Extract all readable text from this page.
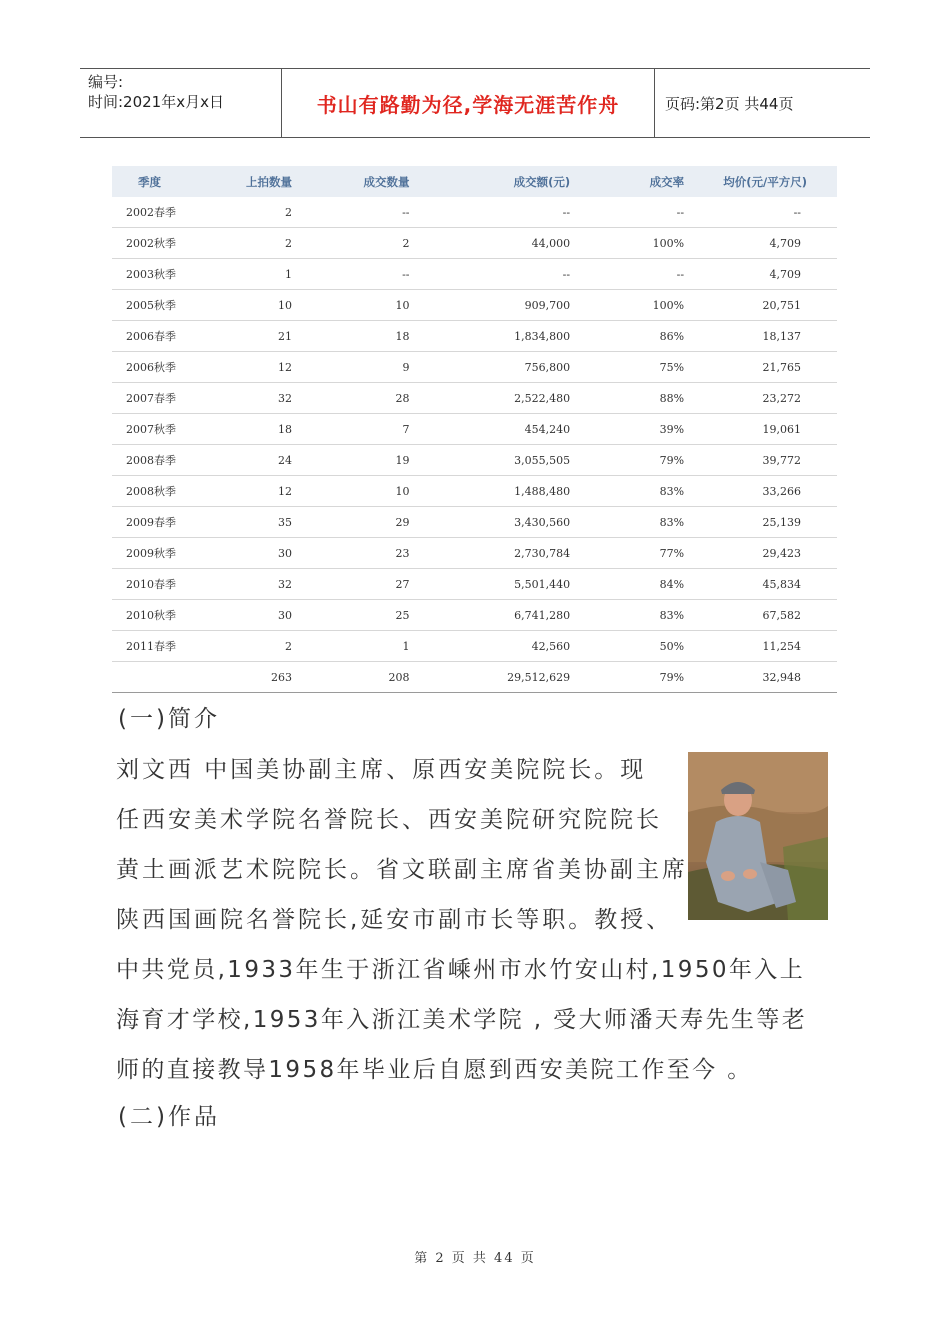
编号:
时间:2021年x月x日	书山有路勤为径,学海无涯苦作舟	页码:第2页 共44页
季度	上拍数量	成交数量	成交额(元)	成交率	均价(元/平方尺)
2002春季	2	--	--	--	--
2002秋季	2	2	44,000	100%	4,709
2003秋季	1	--	--	--	4,709
2005秋季	10	10	909,700	100%	20,751
2006春季	21	18	1,834,800	86%	18,137
2006秋季	12	9	756,800	75%	21,765
2007春季	32	28	2,522,480	88%	23,272
2007秋季	18	7	454,240	39%	19,061
2008春季	24	19	3,055,505	79%	39,772
2008秋季	12	10	1,488,480	83%	33,266
2009春季	35	29	3,430,560	83%	25,139
2009秋季	30	23	2,730,784	77%	29,423
2010春季	32	27	5,501,440	84%	45,834
2010秋季	30	25	6,741,280	83%	67,582
2011春季	2	1	42,560	50%	11,254
	263	208	29,512,629	79%	32,948
(一)简介
刘文西 中国美协副主席、原西安美院院长。现
任西安美术学院名誉院长、西安美院研究院院长
黄土画派艺术院院长。省文联副主席省美协副主席
陕西国画院名誉院长,延安市副市长等职。教授、
中共党员,1933年生于浙江省嵊州市水竹安山村,1950年入上
海育才学校,1953年入浙江美术学院 , 受大师潘天寿先生等老
师的直接教导1958年毕业后自愿到西安美院工作至今 。
(二)作品
第 2 页 共 44 页
